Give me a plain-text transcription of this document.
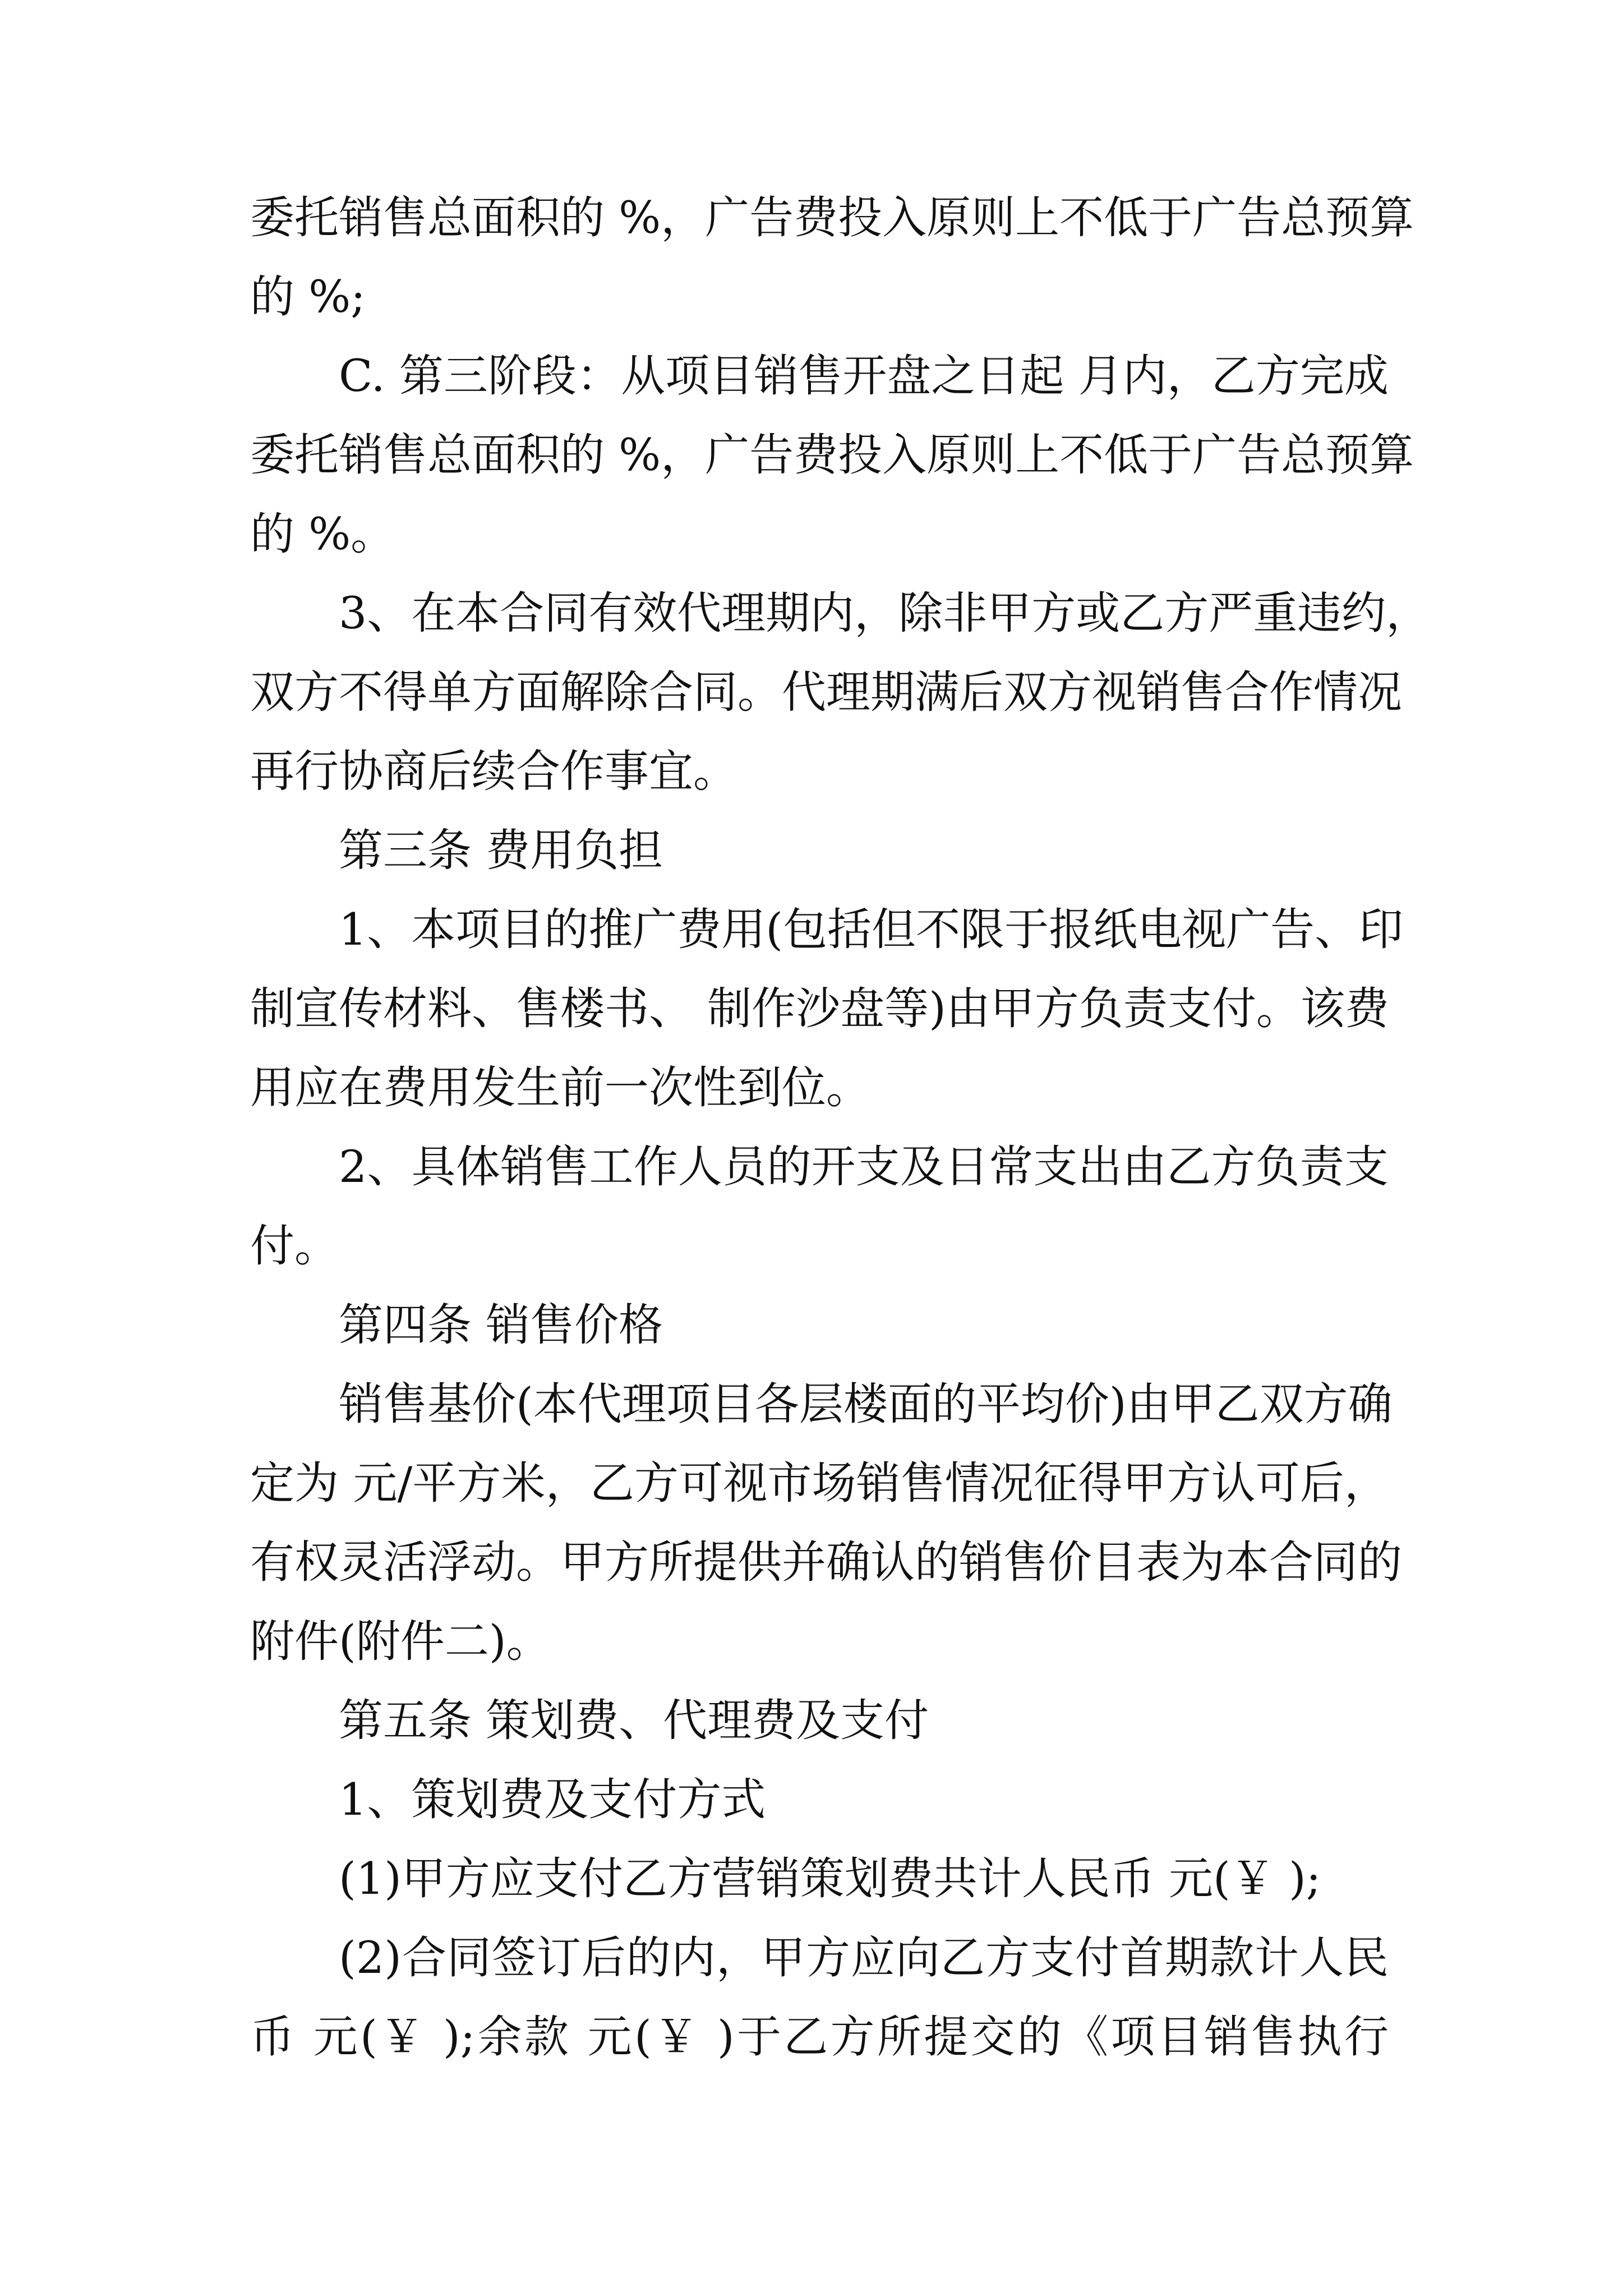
委托销售总面积的 %，广告费投入原则上不低于广告总预算
的 %;
C. 第三阶段：从项目销售开盘之日起 月内，乙方完成
委托销售总面积的 %，广告费投入原则上不低于广告总预算
的 %。
3、在本合同有效代理期内，除非甲方或乙方严重违约，
双方不得单方面解除合同。代理期满后双方视销售合作情况
再行协商后续合作事宜。
第三条 费用负担
1、本项目的推广费用(包括但不限于报纸电视广告、印
制宣传材料、售楼书、 制作沙盘等)由甲方负责支付。该费
用应在费用发生前一次性到位。
2、具体销售工作人员的开支及日常支出由乙方负责支
付。
第四条 销售价格
销售基价(本代理项目各层楼面的平均价)由甲乙双方确
定为 元/平方米，乙方可视市场销售情况征得甲方认可后，
有权灵活浮动。甲方所提供并确认的销售价目表为本合同的
附件(附件二)。
第五条 策划费、代理费及支付
1、策划费及支付方式
(1)甲方应支付乙方营销策划费共计人民币 元(￥ );
(2)合同签订后的内，甲方应向乙方支付首期款计人民
币 元(￥ );余款 元(￥ )于乙方所提交的《项目销售执行
